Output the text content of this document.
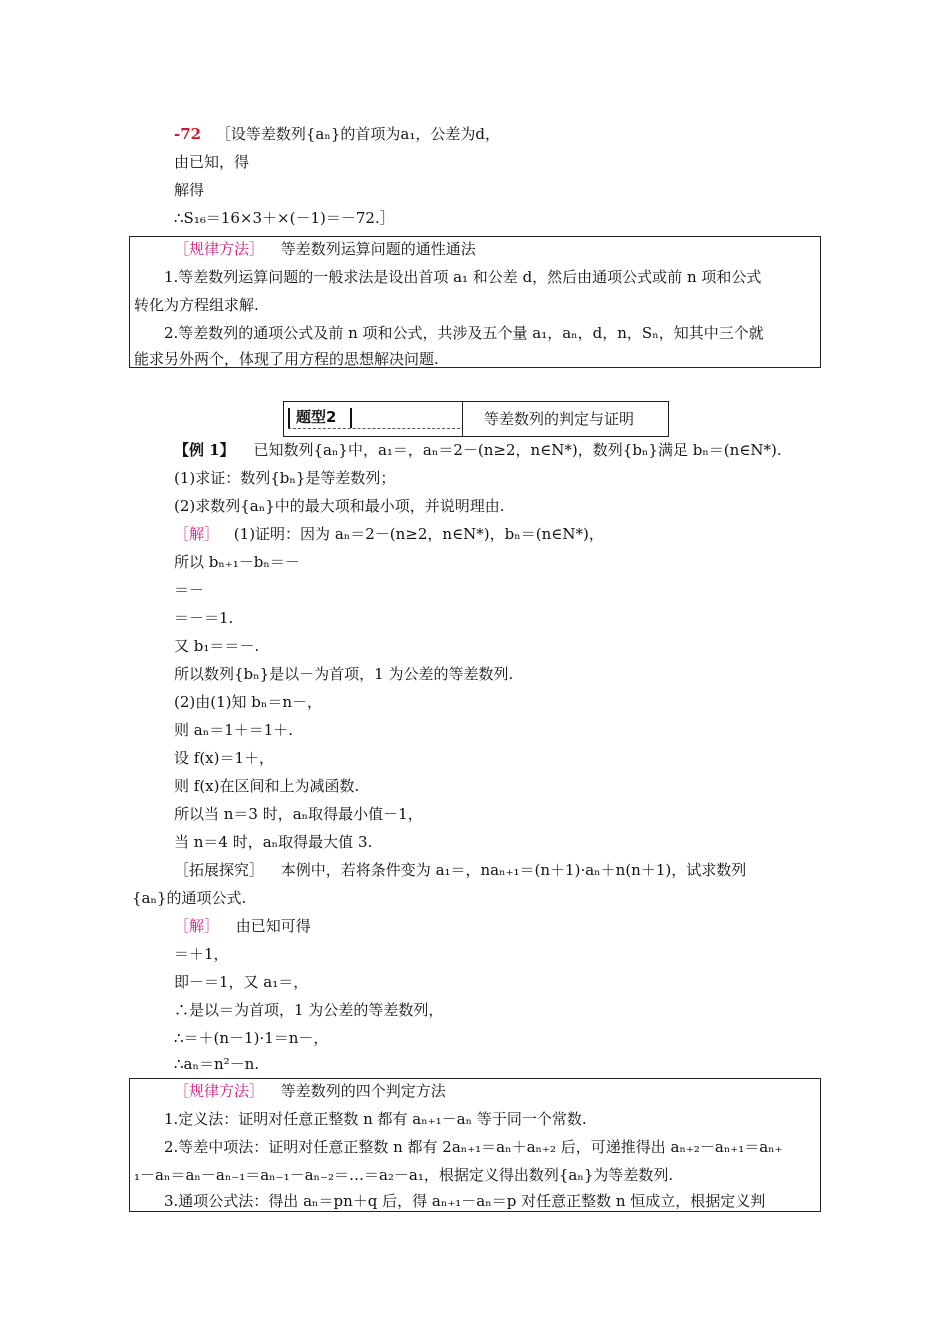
-72 ［设等差数列{aₙ}的首项为a₁，公差为d，
由已知，得
解得
∴S₁₆＝16×3＋×(－1)＝－72.］
［规律方法］ 等差数列运算问题的通性通法
1.等差数列运算问题的一般求法是设出首项 a₁ 和公差 d，然后由通项公式或前 n 项和公式
转化为方程组求解.
2.等差数列的通项公式及前 n 项和公式，共涉及五个量 a₁，aₙ，d，n，Sₙ，知其中三个就
能求另外两个，体现了用方程的思想解决问题.
题型2	等差数列的判定与证明
【例 1】 已知数列{aₙ}中，a₁＝，aₙ＝2－(n≥2，n∈N*)，数列{bₙ}满足 bₙ＝(n∈N*).
(1)求证：数列{bₙ}是等差数列；
(2)求数列{aₙ}中的最大项和最小项，并说明理由.
［解］ (1)证明：因为 aₙ＝2－(n≥2，n∈N*)，bₙ＝(n∈N*)，
所以 bₙ₊₁－bₙ＝－
＝－
＝－＝1.
又 b₁＝＝－.
所以数列{bₙ}是以－为首项，1 为公差的等差数列.
(2)由(1)知 bₙ＝n－，
则 aₙ＝1＋＝1＋.
设 f(x)＝1＋，
则 f(x)在区间和上为减函数.
所以当 n＝3 时，aₙ取得最小值－1，
当 n＝4 时，aₙ取得最大值 3.
［拓展探究］ 本例中，若将条件变为 a₁＝，naₙ₊₁＝(n＋1)·aₙ＋n(n＋1)，试求数列
{aₙ}的通项公式.
［解］ 由已知可得
＝＋1，
即－＝1，又 a₁＝，
∴是以＝为首项，1 为公差的等差数列，
∴＝＋(n－1)·1＝n－，
∴aₙ＝n²－n.
［规律方法］ 等差数列的四个判定方法
1.定义法：证明对任意正整数 n 都有 aₙ₊₁－aₙ 等于同一个常数.
2.等差中项法：证明对任意正整数 n 都有 2aₙ₊₁＝aₙ＋aₙ₊₂ 后，可递推得出 aₙ₊₂－aₙ₊₁＝aₙ₊
₁－aₙ＝aₙ－aₙ₋₁＝aₙ₋₁－aₙ₋₂＝…＝a₂－a₁，根据定义得出数列{aₙ}为等差数列.
3.通项公式法：得出 aₙ＝pn＋q 后，得 aₙ₊₁－aₙ＝p 对任意正整数 n 恒成立，根据定义判
